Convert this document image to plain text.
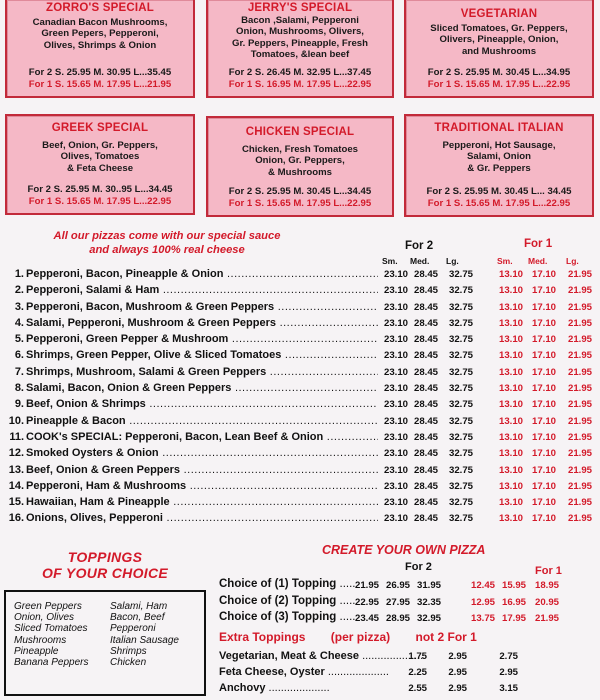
ZORRO'S SPECIAL
Canadian Bacon Mushrooms,
Green Pepers, Pepperoni,
Olives, Shrimps & Onion
For 2 S. 25.95 M. 30.95 L...35.45
For 1 S. 15.65 M. 17.95 L...21.95
JERRY'S SPECIAL
Bacon ,Salami, Pepperoni
Onion, Mushrooms, Olivers,
Gr. Peppers, Pineapple, Fresh
Tomatoes, &lean beef
For 2 S. 26.45 M. 32.95 L...37.45
For 1 S. 16.95 M. 17.95 L...22.95
VEGETARIAN
Sliced Tomatoes, Gr. Peppers,
Olivers, Pineapple, Onion,
and Mushrooms
For 2 S. 25.95 M. 30.45 L...34.95
For 1 S. 15.65 M. 17.95 L...22.95
GREEK SPECIAL
Beef, Onion, Gr. Peppers,
Olives, Tomatoes
& Feta Cheese
For 2 S. 25.95 M. 30..95 L...34.45
For 1 S. 15.65 M. 17.95 L...22.95
CHICKEN SPECIAL
Chicken, Fresh Tomatoes
Onion, Gr. Peppers,
& Mushrooms
For 2 S. 25.95 M. 30.45 L...34.45
For 1 S. 15.65 M. 17.95 L...22.95
TRADITIONAL ITALIAN
Pepperoni, Hot Sausage,
Salami, Onion
& Gr. Peppers
For 2 S. 25.95 M. 30.45 L... 34.45
For 1 S. 15.65 M. 17.95 L...22.95
All our pizzas come with our special sauce
and always 100% real cheese	For 2	For 1
Sm. Med. Lg.	Sm. Med. Lg.
1. Pepperoni, Bacon, Pineapple & Onion .....	23.10 28.45	32.75	13.10 17.10	21.95
2. Pepperoni, Salami & Ham .....	23.10 28.45	32.75	13.10 17.10	21.95
3. Pepperoni, Bacon, Mushroom & Green Peppers .....	23.10 28.45	32.75	13.10 17.10	21.95
4. Salami, Pepperoni, Mushroom & Green Peppers .....	23.10 28.45	32.75	13.10 17.10	21.95
5. Pepperoni, Green Pepper & Mushroom .....	23.10 28.45	32.75	13.10 17.10	21.95
6. Shrimps, Green Pepper, Olive & Sliced Tomatoes .....	23.10 28.45	32.75	13.10 17.10	21.95
7. Shrimps, Mushroom, Salami & Green Peppers .....	23.10 28.45	32.75	13.10 17.10	21.95
8. Salami, Bacon, Onion & Green Peppers .....	23.10 28.45	32.75	13.10 17.10	21.95
9. Beef, Onion & Shrimps .....	23.10 28.45	32.75	13.10 17.10	21.95
10. Pineapple & Bacon .....	23.10 28.45	32.75	13.10 17.10	21.95
11. COOK's SPECIAL: Pepperoni, Bacon, Lean Beef & Onion .....	23.10 28.45	32.75	13.10 17.10	21.95
12. Smoked Oysters & Onion .....	23.10 28.45	32.75	13.10 17.10	21.95
13. Beef, Onion & Green Peppers .....	23.10 28.45	32.75	13.10 17.10	21.95
14. Pepperoni, Ham & Mushrooms .....	23.10 28.45	32.75	13.10 17.10	21.95
15. Hawaiian, Ham & Pineapple .....	23.10 28.45	32.75	13.10 17.10	21.95
16. Onions, Olives, Pepperoni .....	23.10 28.45	32.75	13.10 17.10	21.95
TOPPINGS
OF YOUR CHOICE
Green Peppers
Onion, Olives
Sliced Tomatoes
Mushrooms
Pineapple
Banana Peppers
Salami, Ham
Bacon, Beef
Pepperoni
Italian Sausage
Shrimps
Chicken
CREATE YOUR OWN PIZZA
For 2	For 1
Choice of (1) Topping .....	21.95 26.95 31.95	12.45 15.95 18.95
Choice of (2) Topping .....	22.95 27.95 32.35	12.95 16.95 20.95
Choice of (3) Topping .....	23.45 28.95 32.95	13.75 17.95 21.95
Extra Toppings (per pizza) not 2 For 1
Vegetarian, Meat & Cheese .....	1.75	2.95	2.75
Feta Cheese, Oyster .....	2.25	2.95	2.95
Anchovy .....	2.55	2.95	3.15
